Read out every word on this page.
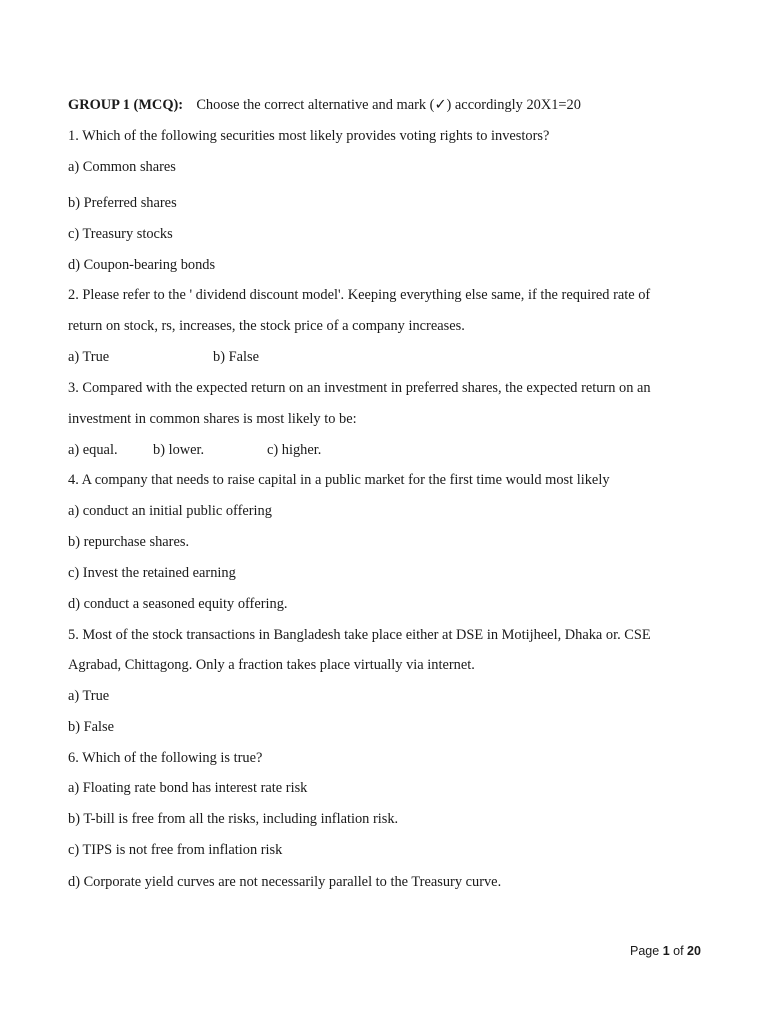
GROUP 1 (MCQ): Choose the correct alternative and mark (✓) accordingly 20X1=20
1. Which of the following securities most likely provides voting rights to investors?
a) Common shares
b) Preferred shares
c) Treasury stocks
d) Coupon-bearing bonds
2. Please refer to the ' dividend discount model'. Keeping everything else same, if the required rate of
return on stock, rs, increases, the stock price of a company increases.
a) True	b) False
3. Compared with the expected return on an investment in preferred shares, the expected return on an
investment in common shares is most likely to be:
a) equal. b) lower.	c) higher.
4. A company that needs to raise capital in a public market for the first time would most likely
a) conduct an initial public offering
b) repurchase shares.
c) Invest the retained earning
d) conduct a seasoned equity offering.
5. Most of the stock transactions in Bangladesh take place either at DSE in Motijheel, Dhaka or. CSE
Agrabad, Chittagong. Only a fraction takes place virtually via internet.
a) True
b) False
6. Which of the following is true?
a) Floating rate bond has interest rate risk
b) T-bill is free from all the risks, including inflation risk.
c) TIPS is not free from inflation risk
d) Corporate yield curves are not necessarily parallel to the Treasury curve.
Page 1 of 20
